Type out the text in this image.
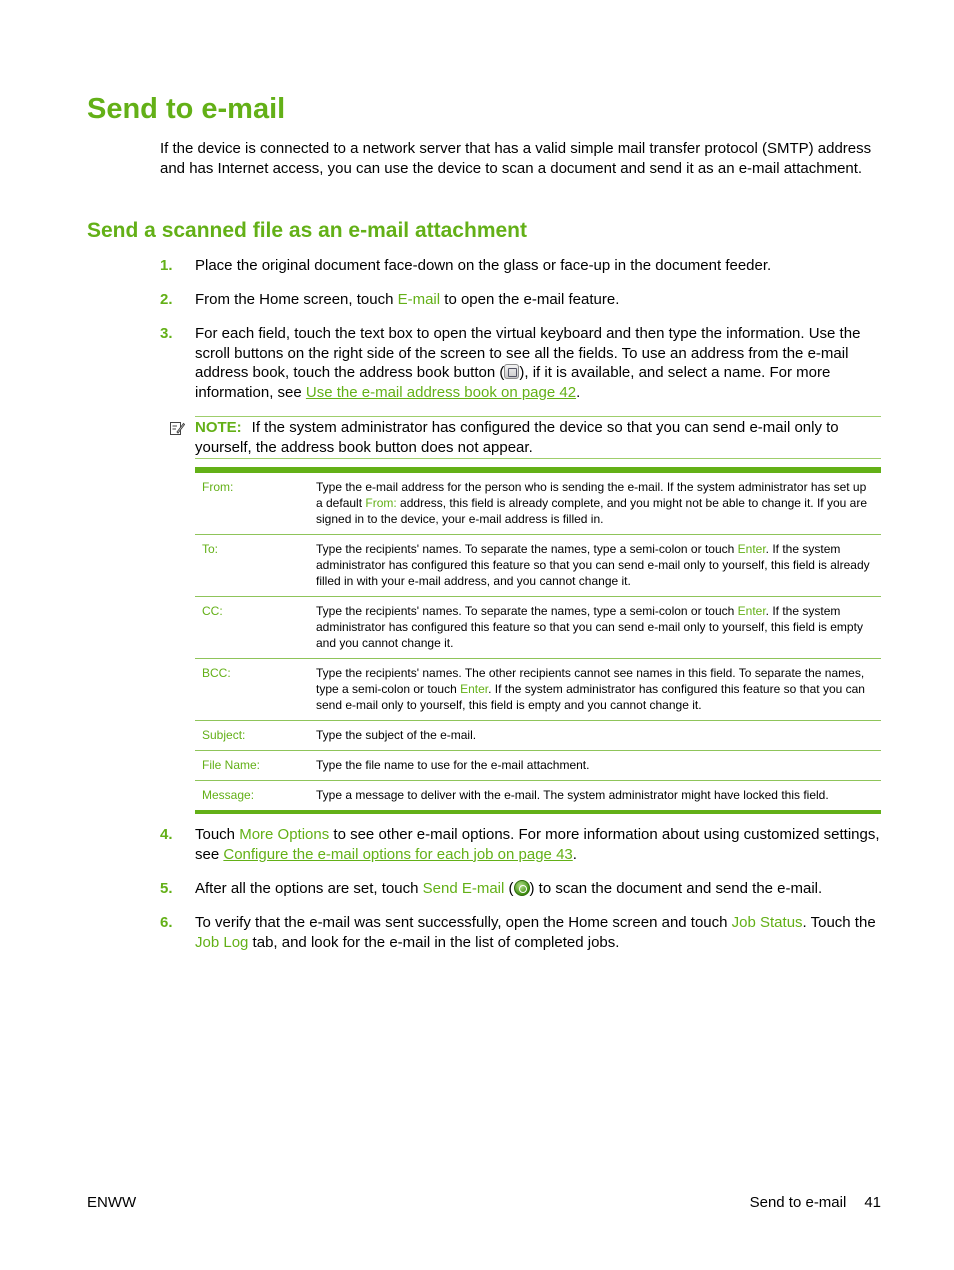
Send to e-mail

If the device is connected to a network server that has a valid simple mail transfer protocol (SMTP) address and has Internet access, you can use the device to scan a document and send it as an e-mail attachment.

Send a scanned file as an e-mail attachment
1.	Place the original document face-down on the glass or face-up in the document feeder.
2.	From the Home screen, touch E-mail to open the e-mail feature.
3.	For each field, touch the text box to open the virtual keyboard and then type the information. Use the scroll buttons on the right side of the screen to see all the fields. To use an address from the e-mail address book, touch the address book button ( ), if it is available, and select a name. For more information, see Use the e-mail address book on page 42.
NOTE: If the system administrator has configured the device so that you can send e-mail only to yourself, the address book button does not appear.
From:	Type the e-mail address for the person who is sending the e-mail. If the system administrator has set up a default From: address, this field is already complete, and you might not be able to change it. If you are signed in to the device, your e-mail address is filled in.
To:	Type the recipients' names. To separate the names, type a semi-colon or touch Enter. If the system administrator has configured this feature so that you can send e-mail only to yourself, this field is already filled in with your e-mail address, and you cannot change it.
CC:	Type the recipients' names. To separate the names, type a semi-colon or touch Enter. If the system administrator has configured this feature so that you can send e-mail only to yourself, this field is empty and you cannot change it.
BCC:	Type the recipients' names. The other recipients cannot see names in this field. To separate the names, type a semi-colon or touch Enter. If the system administrator has configured this feature so that you can send e-mail only to yourself, this field is empty and you cannot change it.
Subject:	Type the subject of the e-mail.
File Name:	Type the file name to use for the e-mail attachment.
Message:	Type a message to deliver with the e-mail. The system administrator might have locked this field.
4.	Touch More Options to see other e-mail options. For more information about using customized settings, see Configure the e-mail options for each job on page 43.
5.	After all the options are set, touch Send E-mail ( ) to scan the document and send the e-mail.
6.	To verify that the e-mail was sent successfully, open the Home screen and touch Job Status. Touch the Job Log tab, and look for the e-mail in the list of completed jobs.
ENWW	Send to e-mail 41
